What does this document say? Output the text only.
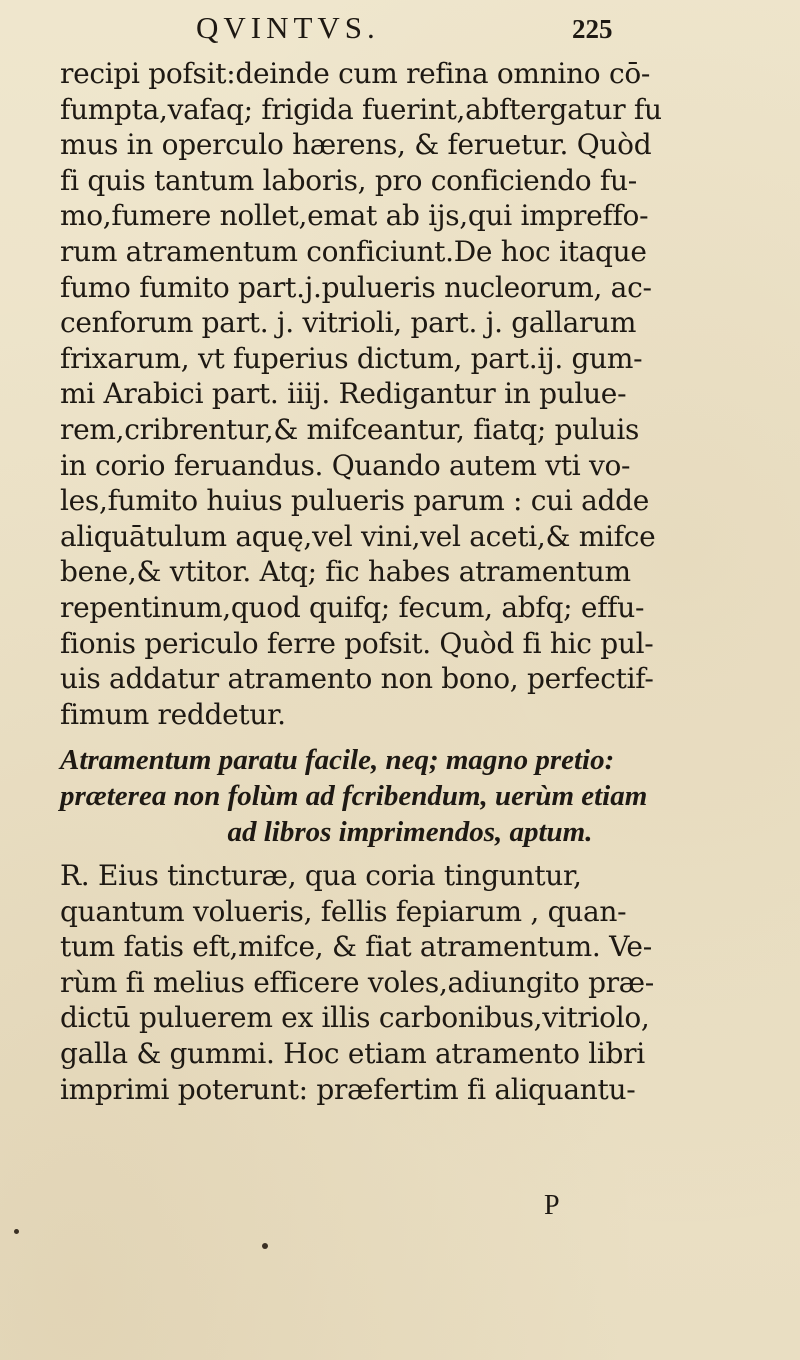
QVINTVS.	225
recipi pofsit:deinde cum refina omnino cō-
fumpta,vafaq; frigida fuerint,abftergatur fu
mus in operculo hærens, & feruetur. Quòd
fi quis tantum laboris, pro conficiendo fu-
mo,fumere nollet,emat ab ijs,qui impreffo-
rum atramentum conficiunt.De hoc itaque
fumo fumito part.j.pulueris nucleorum, ac-
cenforum part. j. vitrioli, part. j. gallarum
frixarum, vt fuperius dictum, part.ij. gum-
mi Arabici part. iiij. Redigantur in pulue-
rem,cribrentur,& mifceantur, fiatq; puluis
in corio feruandus. Quando autem vti vo-
les,fumito huius pulueris parum : cui adde
aliquātulum aquę,vel vini,vel aceti,& mifce
bene,& vtitor. Atq; fic habes atramentum
repentinum,quod quifq; fecum, abfq; effu-
fionis periculo ferre pofsit. Quòd fi hic pul-
uis addatur atramento non bono, perfectif-
fimum reddetur.
Atramentum paratu facile, neq; magno pretio:
præterea non folùm ad fcribendum, uerùm etiam
ad libros imprimendos, aptum.
R. Eius tincturæ, qua coria tinguntur,
quantum volueris, fellis fepiarum , quan-
tum fatis eft,mifce, & fiat atramentum. Ve-
rùm fi melius efficere voles,adiungito præ-
dictū puluerem ex illis carbonibus,vitriolo,
galla & gummi. Hoc etiam atramento libri
imprimi poterunt: præfertim fi aliquantu-
P
